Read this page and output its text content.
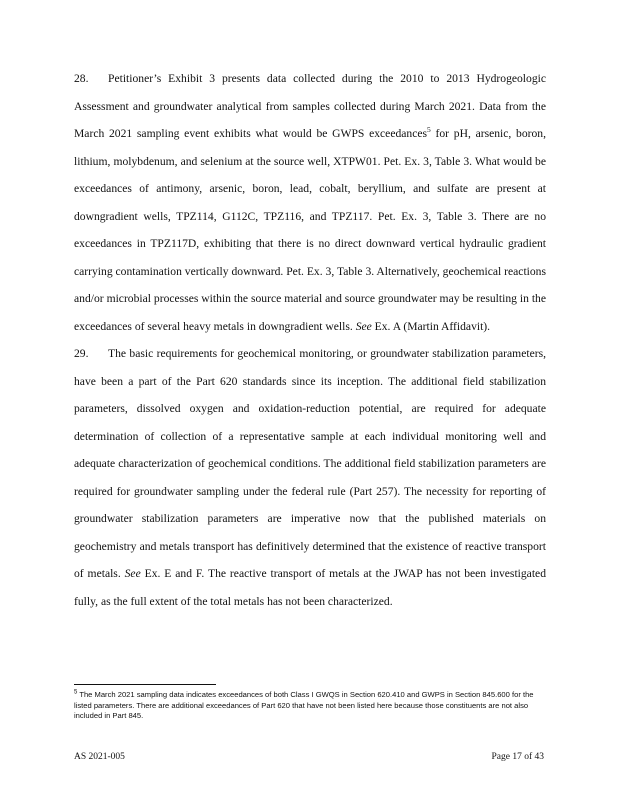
28. Petitioner’s Exhibit 3 presents data collected during the 2010 to 2013 Hydrogeologic Assessment and groundwater analytical from samples collected during March 2021. Data from the March 2021 sampling event exhibits what would be GWPS exceedances$^5$ for pH, arsenic, boron, lithium, molybdenum, and selenium at the source well, XTPW01. Pet. Ex. 3, Table 3. What would be exceedances of antimony, arsenic, boron, lead, cobalt, beryllium, and sulfate are present at downgradient wells, TPZ114, G112C, TPZ116, and TPZ117. Pet. Ex. 3, Table 3. There are no exceedances in TPZ117D, exhibiting that there is no direct downward vertical hydraulic gradient carrying contamination vertically downward. Pet. Ex. 3, Table 3. Alternatively, geochemical reactions and/or microbial processes within the source material and source groundwater may be resulting in the exceedances of several heavy metals in downgradient wells. See Ex. A (Martin Affidavit).

29. The basic requirements for geochemical monitoring, or groundwater stabilization parameters, have been a part of the Part 620 standards since its inception. The additional field stabilization parameters, dissolved oxygen and oxidation-reduction potential, are required for adequate determination of collection of a representative sample at each individual monitoring well and adequate characterization of geochemical conditions. The additional field stabilization parameters are required for groundwater sampling under the federal rule (Part 257). The necessity for reporting of groundwater stabilization parameters are imperative now that the published materials on geochemistry and metals transport has definitively determined that the existence of reactive transport of metals. See Ex. E and F. The reactive transport of metals at the JWAP has not been investigated fully, as the full extent of the total metals has not been characterized.

$^5$ The March 2021 sampling data indicates exceedances of both Class I GWQS in Section 620.410 and GWPS in Section 845.600 for the listed parameters. There are additional exceedances of Part 620 that have not been listed here because those constituents are not also included in Part 845.
AS 2021-005	Page 17 of 43
